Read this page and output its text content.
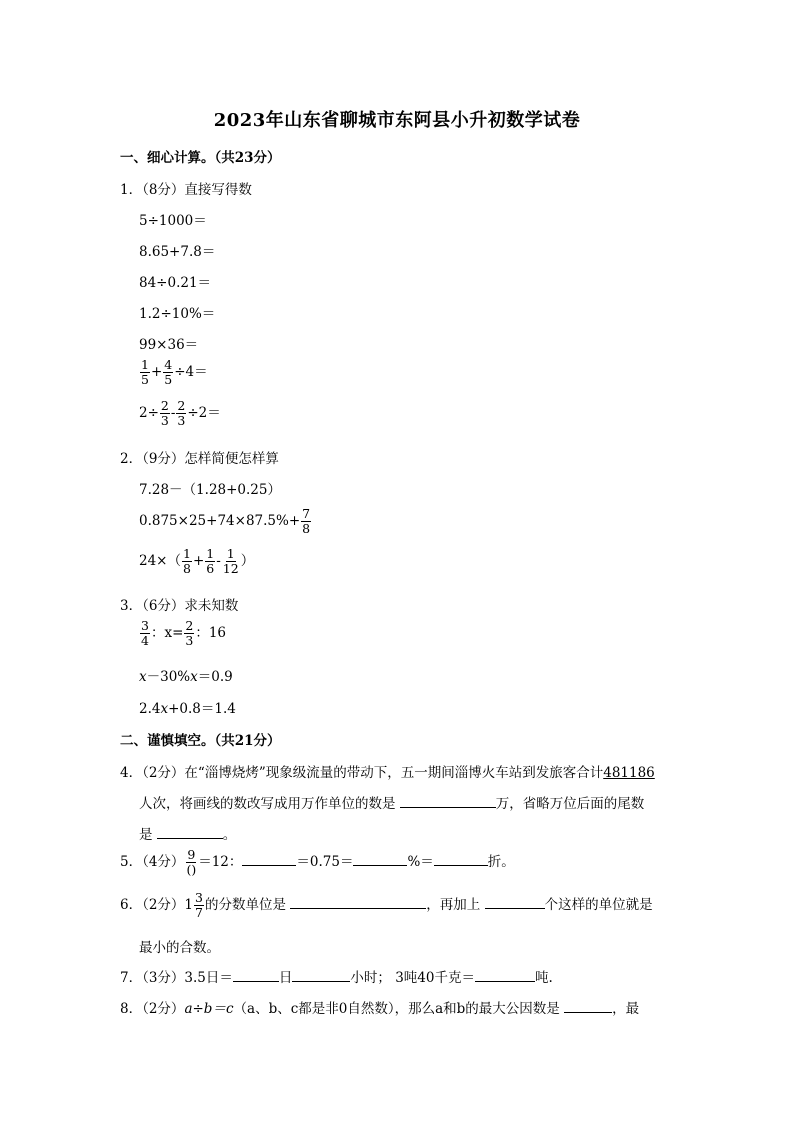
2023年山东省聊城市东阿县小升初数学试卷
一、细心计算。（共23分）
1．（8分）直接写得数
5÷1000＝
8.65+7.8＝
84÷0.21＝
1.2÷10%＝
99×36＝
$\frac{1}{5} + \frac{4}{5} \div 4=$
$2\div \frac{2}{3} - \frac{2}{3} \div 2=$
2．（9分）怎样简便怎样算
7.28－（1.28+0.25）
$0.875\times 25+74\times 87.5\%+ \frac{7}{8}$
$24\times( \frac{1}{8} + \frac{1}{6} - \frac{1}{12}$ ）
3．（6分）求未知数
$\frac{3}{4}$ ：$x= \frac{2}{3}$ ：16
x－30%x＝0.9
2.4x+0.8＝1.4
二、谨慎填空。（共21分）
4．（2分）在“淄博烧烤”现象级流量的带动下，五一期间淄博火车站到发旅客合计481186
人次，将画线的数改写成用万作单位的数是	万，省略万位后面的尾数
是	。
5．（4分） $\frac{9}{()} =12$：	＝0.75＝	%＝	折。
6．（2分）$1 \frac{3}{7}$ 的分数单位是	，再加上	个这样的单位就是
最小的合数。
7．（3分）3.5日＝	日	小时； 3吨40千克＝	吨.
8．（2分）a÷b＝c（a、b、c都是非0自然数），那么a和b的最大公因数是	，最
